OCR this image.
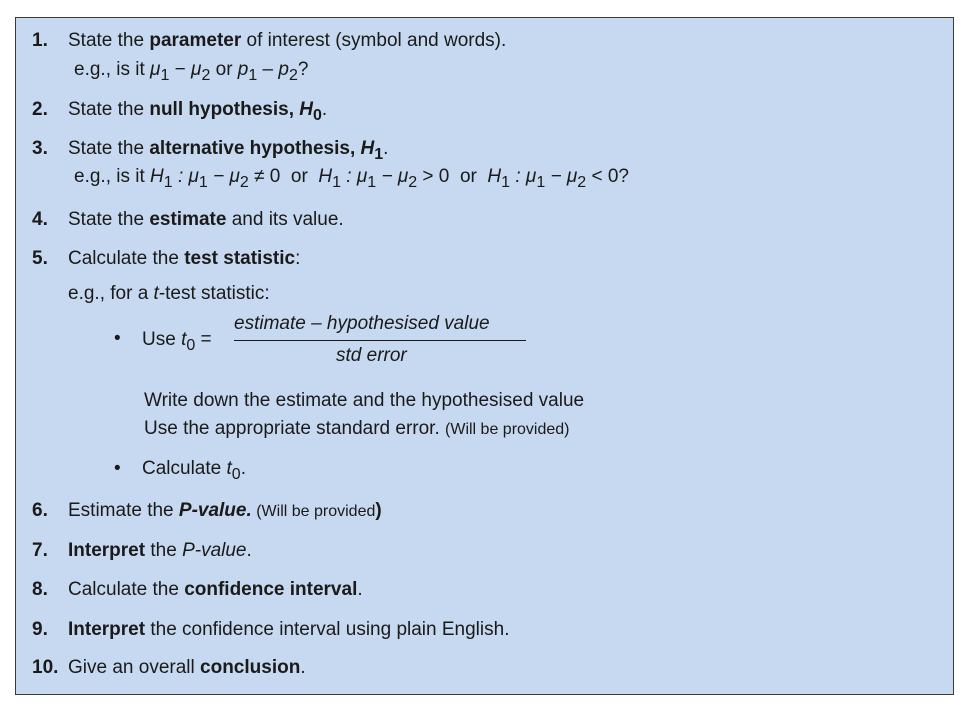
1. State the parameter of interest (symbol and words).
e.g., is it $\mu_1 - \mu_2$ or $p_1 - p_2$?
2. State the null hypothesis, $H_0$.
3. State the alternative hypothesis, $H_1$.
e.g., is it $H_1$ : $\mu_1 - \mu_2 \ne 0$ or $H_1$ : $\mu_1 - \mu_2 > 0$ or $H_1$ : $\mu_1 - \mu_2 < 0$?
4. State the estimate and its value.
5. Calculate the test statistic:
e.g., for a t-test statistic:
• Use $t_0$ =
estimate – hypothesised value
std error
Write down the estimate and the hypothesised value
Use the appropriate standard error. (Will be provided)
• Calculate $t_0$.
6. Estimate the P-value. (Will be provided)
7. Interpret the P-value.
8. Calculate the confidence interval.
9. Interpret the confidence interval using plain English.
10. Give an overall conclusion.
